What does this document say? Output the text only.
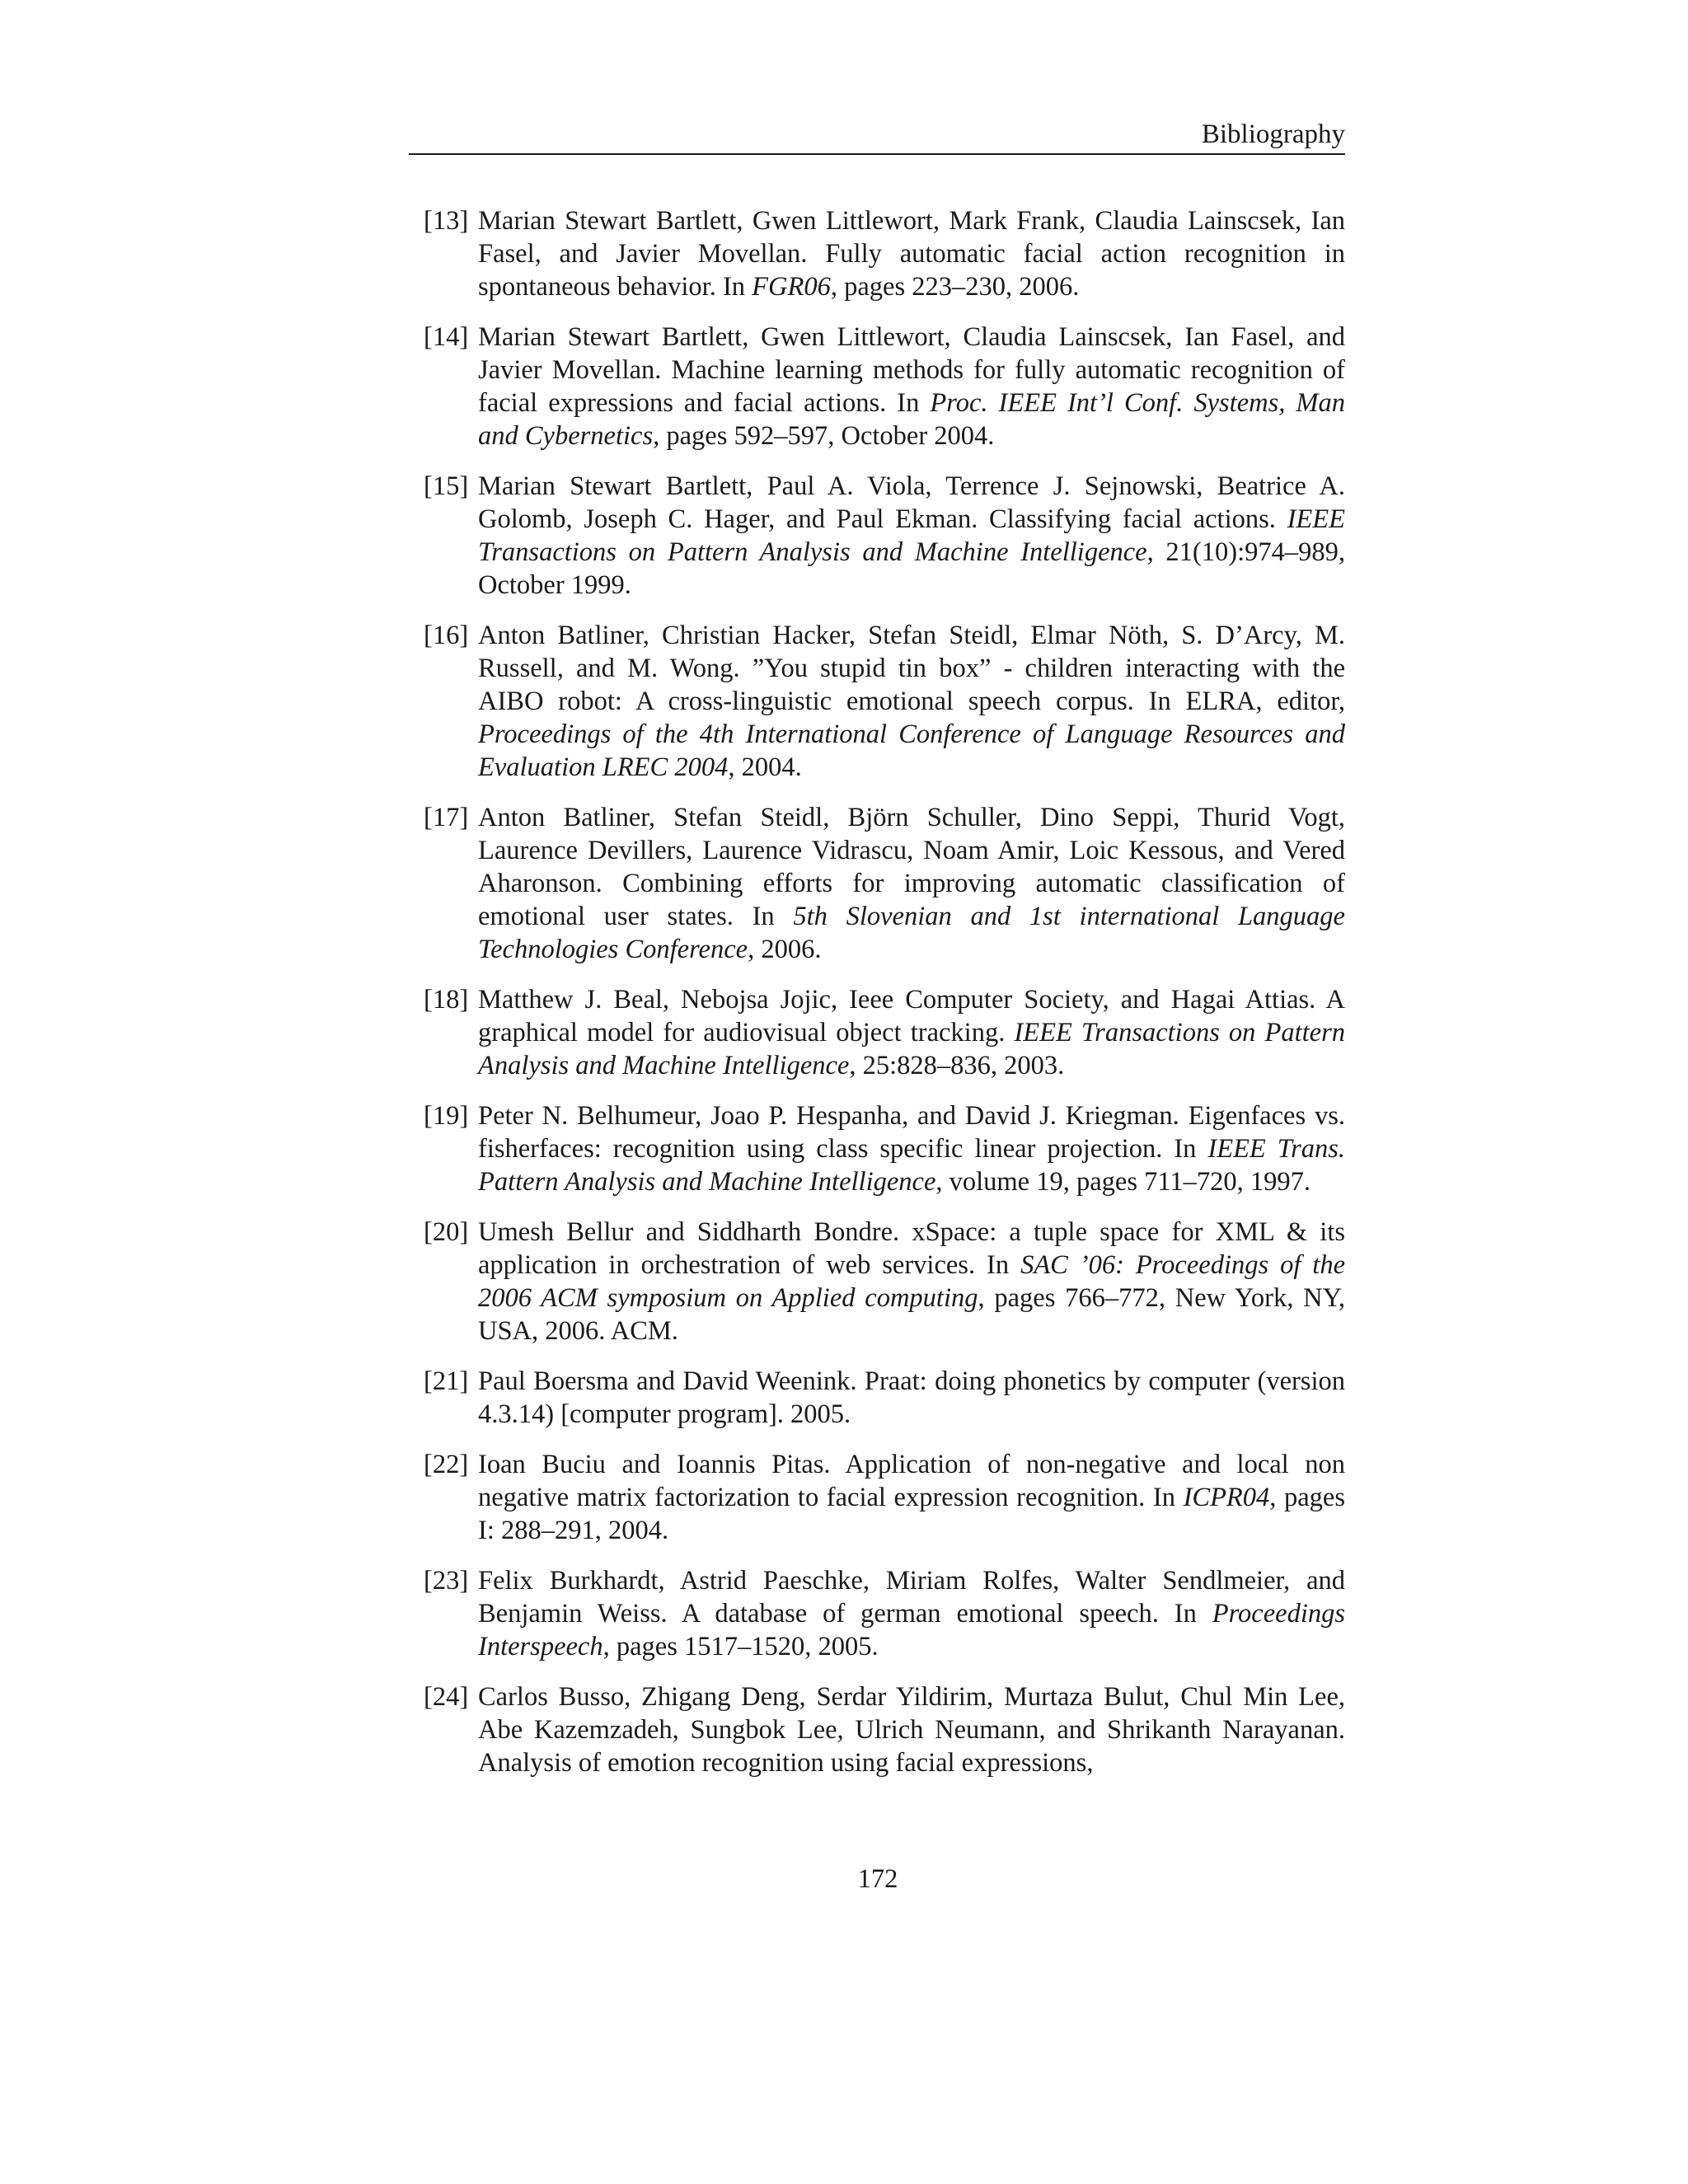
Bibliography
[13] Marian Stewart Bartlett, Gwen Littlewort, Mark Frank, Claudia Lainscsek, Ian Fasel, and Javier Movellan. Fully automatic facial action recognition in spontaneous behavior. In FGR06, pages 223–230, 2006.
[14] Marian Stewart Bartlett, Gwen Littlewort, Claudia Lainscsek, Ian Fasel, and Javier Movellan. Machine learning methods for fully automatic recognition of facial expressions and facial actions. In Proc. IEEE Int’l Conf. Systems, Man and Cybernetics, pages 592–597, October 2004.
[15] Marian Stewart Bartlett, Paul A. Viola, Terrence J. Sejnowski, Beatrice A. Golomb, Joseph C. Hager, and Paul Ekman. Classifying facial actions. IEEE Transactions on Pattern Analysis and Machine Intelligence, 21(10):974–989, October 1999.
[16] Anton Batliner, Christian Hacker, Stefan Steidl, Elmar Nöth, S. D’Arcy, M. Russell, and M. Wong. ”You stupid tin box” - children interacting with the AIBO robot: A cross-linguistic emotional speech corpus. In ELRA, editor, Proceedings of the 4th International Conference of Language Resources and Evaluation LREC 2004, 2004.
[17] Anton Batliner, Stefan Steidl, Björn Schuller, Dino Seppi, Thurid Vogt, Laurence Devillers, Laurence Vidrascu, Noam Amir, Loic Kessous, and Vered Aharonson. Combining efforts for improving automatic classification of emotional user states. In 5th Slovenian and 1st international Language Technologies Conference, 2006.
[18] Matthew J. Beal, Nebojsa Jojic, Ieee Computer Society, and Hagai Attias. A graphical model for audiovisual object tracking. IEEE Transactions on Pattern Analysis and Machine Intelligence, 25:828–836, 2003.
[19] Peter N. Belhumeur, Joao P. Hespanha, and David J. Kriegman. Eigenfaces vs. fisherfaces: recognition using class specific linear projection. In IEEE Trans. Pattern Analysis and Machine Intelligence, volume 19, pages 711–720, 1997.
[20] Umesh Bellur and Siddharth Bondre. xSpace: a tuple space for XML & its application in orchestration of web services. In SAC ’06: Proceedings of the 2006 ACM symposium on Applied computing, pages 766–772, New York, NY, USA, 2006. ACM.
[21] Paul Boersma and David Weenink. Praat: doing phonetics by computer (version 4.3.14) [computer program]. 2005.
[22] Ioan Buciu and Ioannis Pitas. Application of non-negative and local non negative matrix factorization to facial expression recognition. In ICPR04, pages I: 288–291, 2004.
[23] Felix Burkhardt, Astrid Paeschke, Miriam Rolfes, Walter Sendlmeier, and Benjamin Weiss. A database of german emotional speech. In Proceedings Interspeech, pages 1517–1520, 2005.
[24] Carlos Busso, Zhigang Deng, Serdar Yildirim, Murtaza Bulut, Chul Min Lee, Abe Kazemzadeh, Sungbok Lee, Ulrich Neumann, and Shrikanth Narayanan. Analysis of emotion recognition using facial expressions,
172
